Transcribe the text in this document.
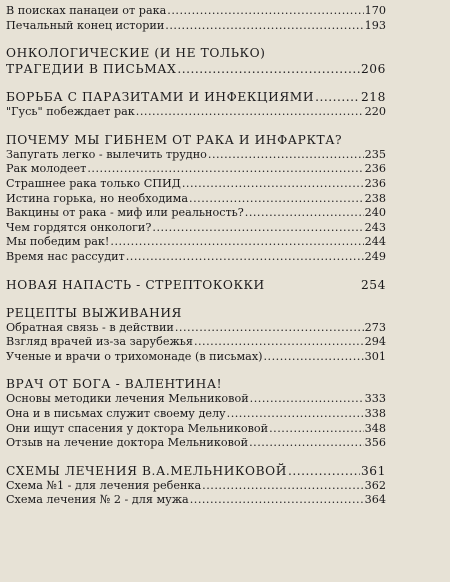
В поисках панацеи от рака .....	170
Печальный конец истории .....	193
ОНКОЛОГИЧЕСКИЕ (И НЕ ТОЛЬКО)
ТРАГЕДИИ В ПИСЬМАХ .....	206
БОРЬБА С ПАРАЗИТАМИ И ИНФЕКЦИЯМИ .....	218
"Гусь" побеждает рак .....	220
ПОЧЕМУ МЫ ГИБНЕМ ОТ РАКА И ИНФАРКТА?
Запугать легко - вылечить трудно .....	235
Рак молодеет .....	236
Страшнее рака только СПИД .....	236
Истина горька, но необходима .....	238
Вакцины от рака - миф или реальность? .....	240
Чем гордятся онкологи? .....	243
Мы победим рак! .....	244
Время нас рассудит .....	249
НОВАЯ НАПАСТЬ - СТРЕПТОКОККИ	254
РЕЦЕПТЫ ВЫЖИВАНИЯ
Обратная связь - в действии .....	273
Взгляд врачей из-за зарубежья .....	294
Ученые и врачи о трихомонаде (в письмах) .....	301
ВРАЧ ОТ БОГА - ВАЛЕНТИНА!
Основы методики лечения Мельниковой .....	333
Она и в письмах служит своему делу .....	338
Они ищут спасения у доктора Мельниковой .....	348
Отзыв на лечение доктора Мельниковой .....	356
СХЕМЫ ЛЕЧЕНИЯ В.А.МЕЛЬНИКОВОЙ .....	361
Схема №1 - для лечения ребенка .....	362
Схема лечения № 2 - для мужа .....	364
